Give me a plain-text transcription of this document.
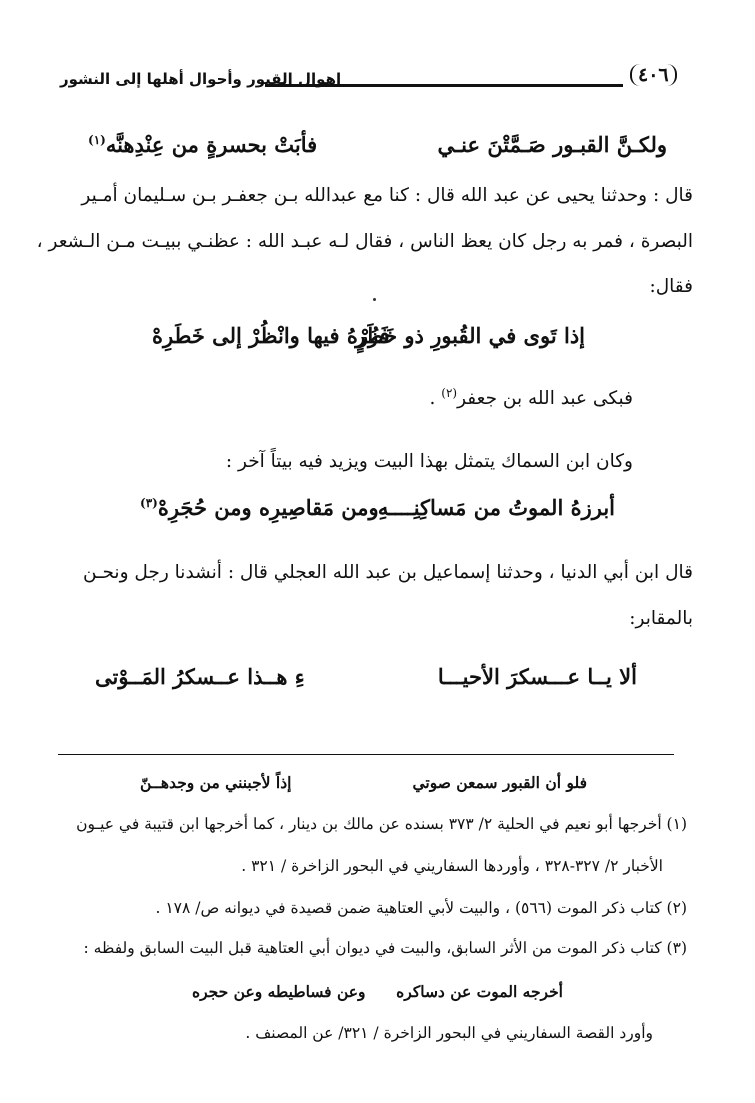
٤٠٦
اهوال القبور وأحوال أهلها إلى النشور
ولكـنَّ القبـور صَـمَّتْنَ عنـي
فأبَتْ بحسرةٍ من عِنْدِهنَّه$^{(١)}$
قال : وحدثنا يحيى عن عبد الله قال : كنا مع عبدالله بـن جعفـر بـن سـليمان أمـير
البصرة ، فمر به رجل كان يعظ الناس ، فقال لـه عبـد الله : عظنـي ببيـت مـن الـشعر ،
فقال:
إذا تَوى في القُبورِ ذو خَطَرٍ
فَزُرْهُ فيها وانْظُرْ إلى خَطَرِهْ
فبكى عبد الله بن جعفر$^{(٢)}$ .
وكان ابن السماك يتمثل بهذا البيت ويزيد فيه بيتاً آخر :
أبرزهُ الموتُ من مَساكِنِــــهِ
ومن مَقاصِيرِه ومن حُجَرِهْ$^{(٣)}$
قال ابن أبي الدنيا ، وحدثنا إسماعيل بن عبد الله العجلي قال : أنشدنا رجل ونحـن
بالمقابر:
ألا يــا عـــسكرَ الأحيـــا
ءِ هــذا عــسكرُ المَــوْتى
فلو أن القبور سمعن صوتي
إذاً لأجبنني من وجدهــنّ
(١) أخرجها أبو نعيم في الحلية ٢/ ٣٧٣ بسنده عن مالك بن دينار ، كما أخرجها ابن قتيبة في عيـون
الأخبار ٢/ ٣٢٧-٣٢٨ ، وأوردها السفاريني في البحور الزاخرة / ٣٢١ .
(٢) كتاب ذكر الموت (٥٦٦) ، والبيت لأبي العتاهية ضمن قصيدة في ديوانه ص/ ١٧٨ .
(٣) كتاب ذكر الموت من الأثر السابق، والبيت في ديوان أبي العتاهية قبل البيت السابق ولفظه :
أخرجه الموت عن دساكره
وعن فساطيطه وعن حجره
وأورد القصة السفاريني في البحور الزاخرة / ٣٢١/ عن المصنف .
